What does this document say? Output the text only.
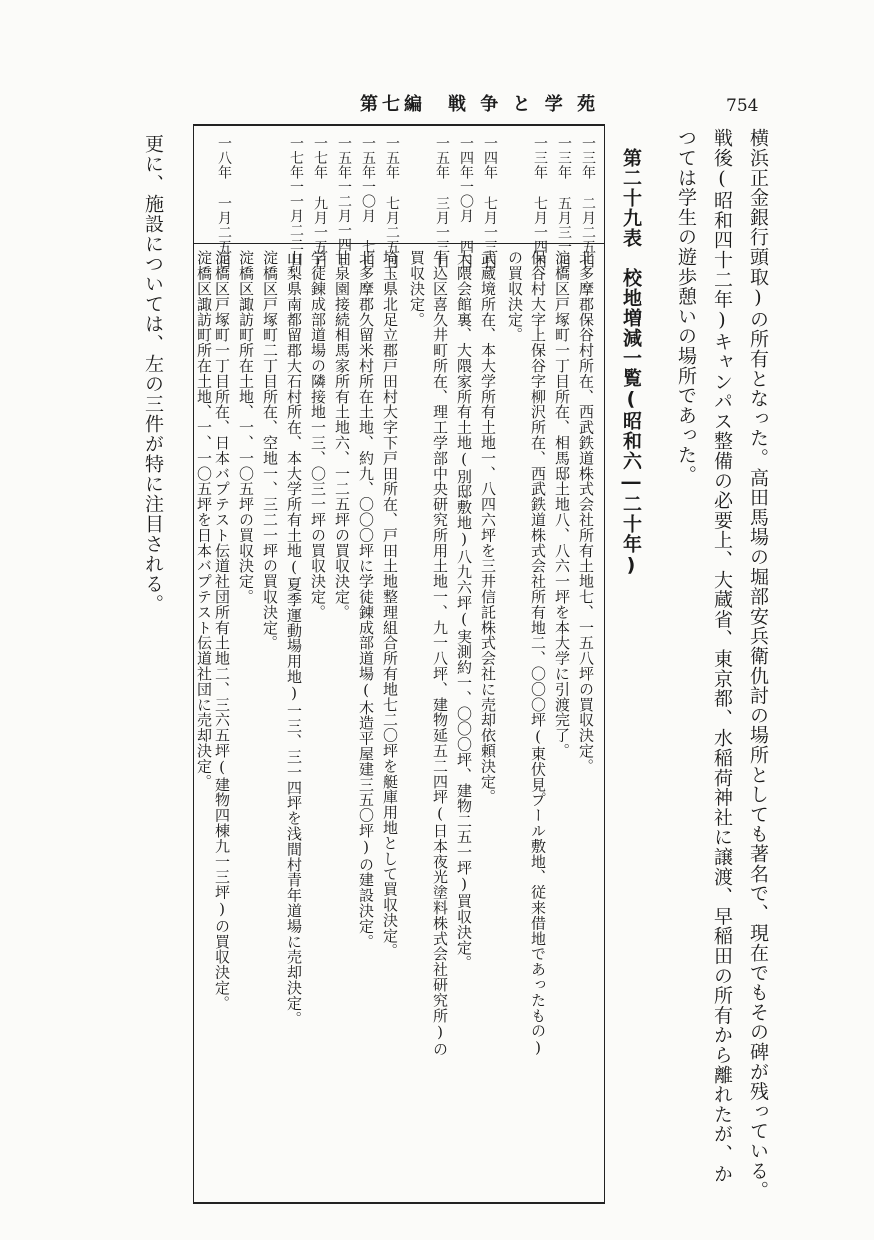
第七編　戦 争 と 学 苑	754
横浜正金銀行頭取)の所有となった。高田馬場の堀部安兵衛仇討の場所としても著名で、現在でもその碑が残っている。
戦後(昭和四十二年)キャンパス整備の必要上、大蔵省、東京都、水稲荷神社に譲渡、早稲田の所有から離れたが、か
つては学生の遊歩憩いの場所であった。
第二十九表　校地増減一覧(昭和六―二十年)
一三年 二月二五日
北多摩郡保谷村所在、西武鉄道株式会社所有土地七、一五八坪の買収決定。
一三年 五月三一日
淀橋区戸塚町一丁目所在、相馬邸土地八、八六一坪を本大学に引渡完了。
一三年 七月一四日
保谷村大字上保谷字柳沢所在、西武鉄道株式会社所有地二、〇〇〇坪(東伏見プール敷地、従来借地であったもの)
の買収決定。
一四年 七月一三日
武蔵境所在、本大学所有土地一、八四六坪を三井信託株式会社に売却依頼決定。
一四年一〇月 四日
大隈会館裏、大隈家所有土地(別邸敷地)八九六坪(実測約一、〇〇〇坪、建物二五一坪)買収決定。
一五年 三月一三日
牛込区喜久井町所在、理工学部中央研究所用土地一、九一八坪、建物延五二四坪(日本夜光塗料株式会社研究所)の
買収決定。
一五年 七月二五日
埼玉県北足立郡戸田村大字下戸田所在、戸田土地整理組合所有地七二〇坪を艇庫用地として買収決定。
一五年一〇月 七日
北多摩郡久留米村所在土地、約九、〇〇〇坪に学徒錬成部道場(木造平屋建三五〇坪)の建設決定。
一五年一二月一四日
甘泉園接続相馬家所有土地六、一二五坪の買収決定。
一七年 九月一五日
学徒錬成部道場の隣接地一三、〇三一坪の買収決定。
一七年一一月二二日
山梨県南都留郡大石村所在、本大学所有土地(夏季運動場用地)一三、三一四坪を浅間村青年道場に売却決定。
淀橋区戸塚町二丁目所在、空地一、三二一坪の買収決定。
淀橋区諏訪町所在土地、一、一〇五坪の買収決定。
一八年 一月二五日
淀橋区戸塚町一丁目所在、日本バプテスト伝道社団所有土地二、三六五坪(建物四棟九一三坪)の買収決定。
淀橋区諏訪町所在土地、一、一〇五坪を日本バプテスト伝道社団に売却決定。
更に、施設については、左の三件が特に注目される。
